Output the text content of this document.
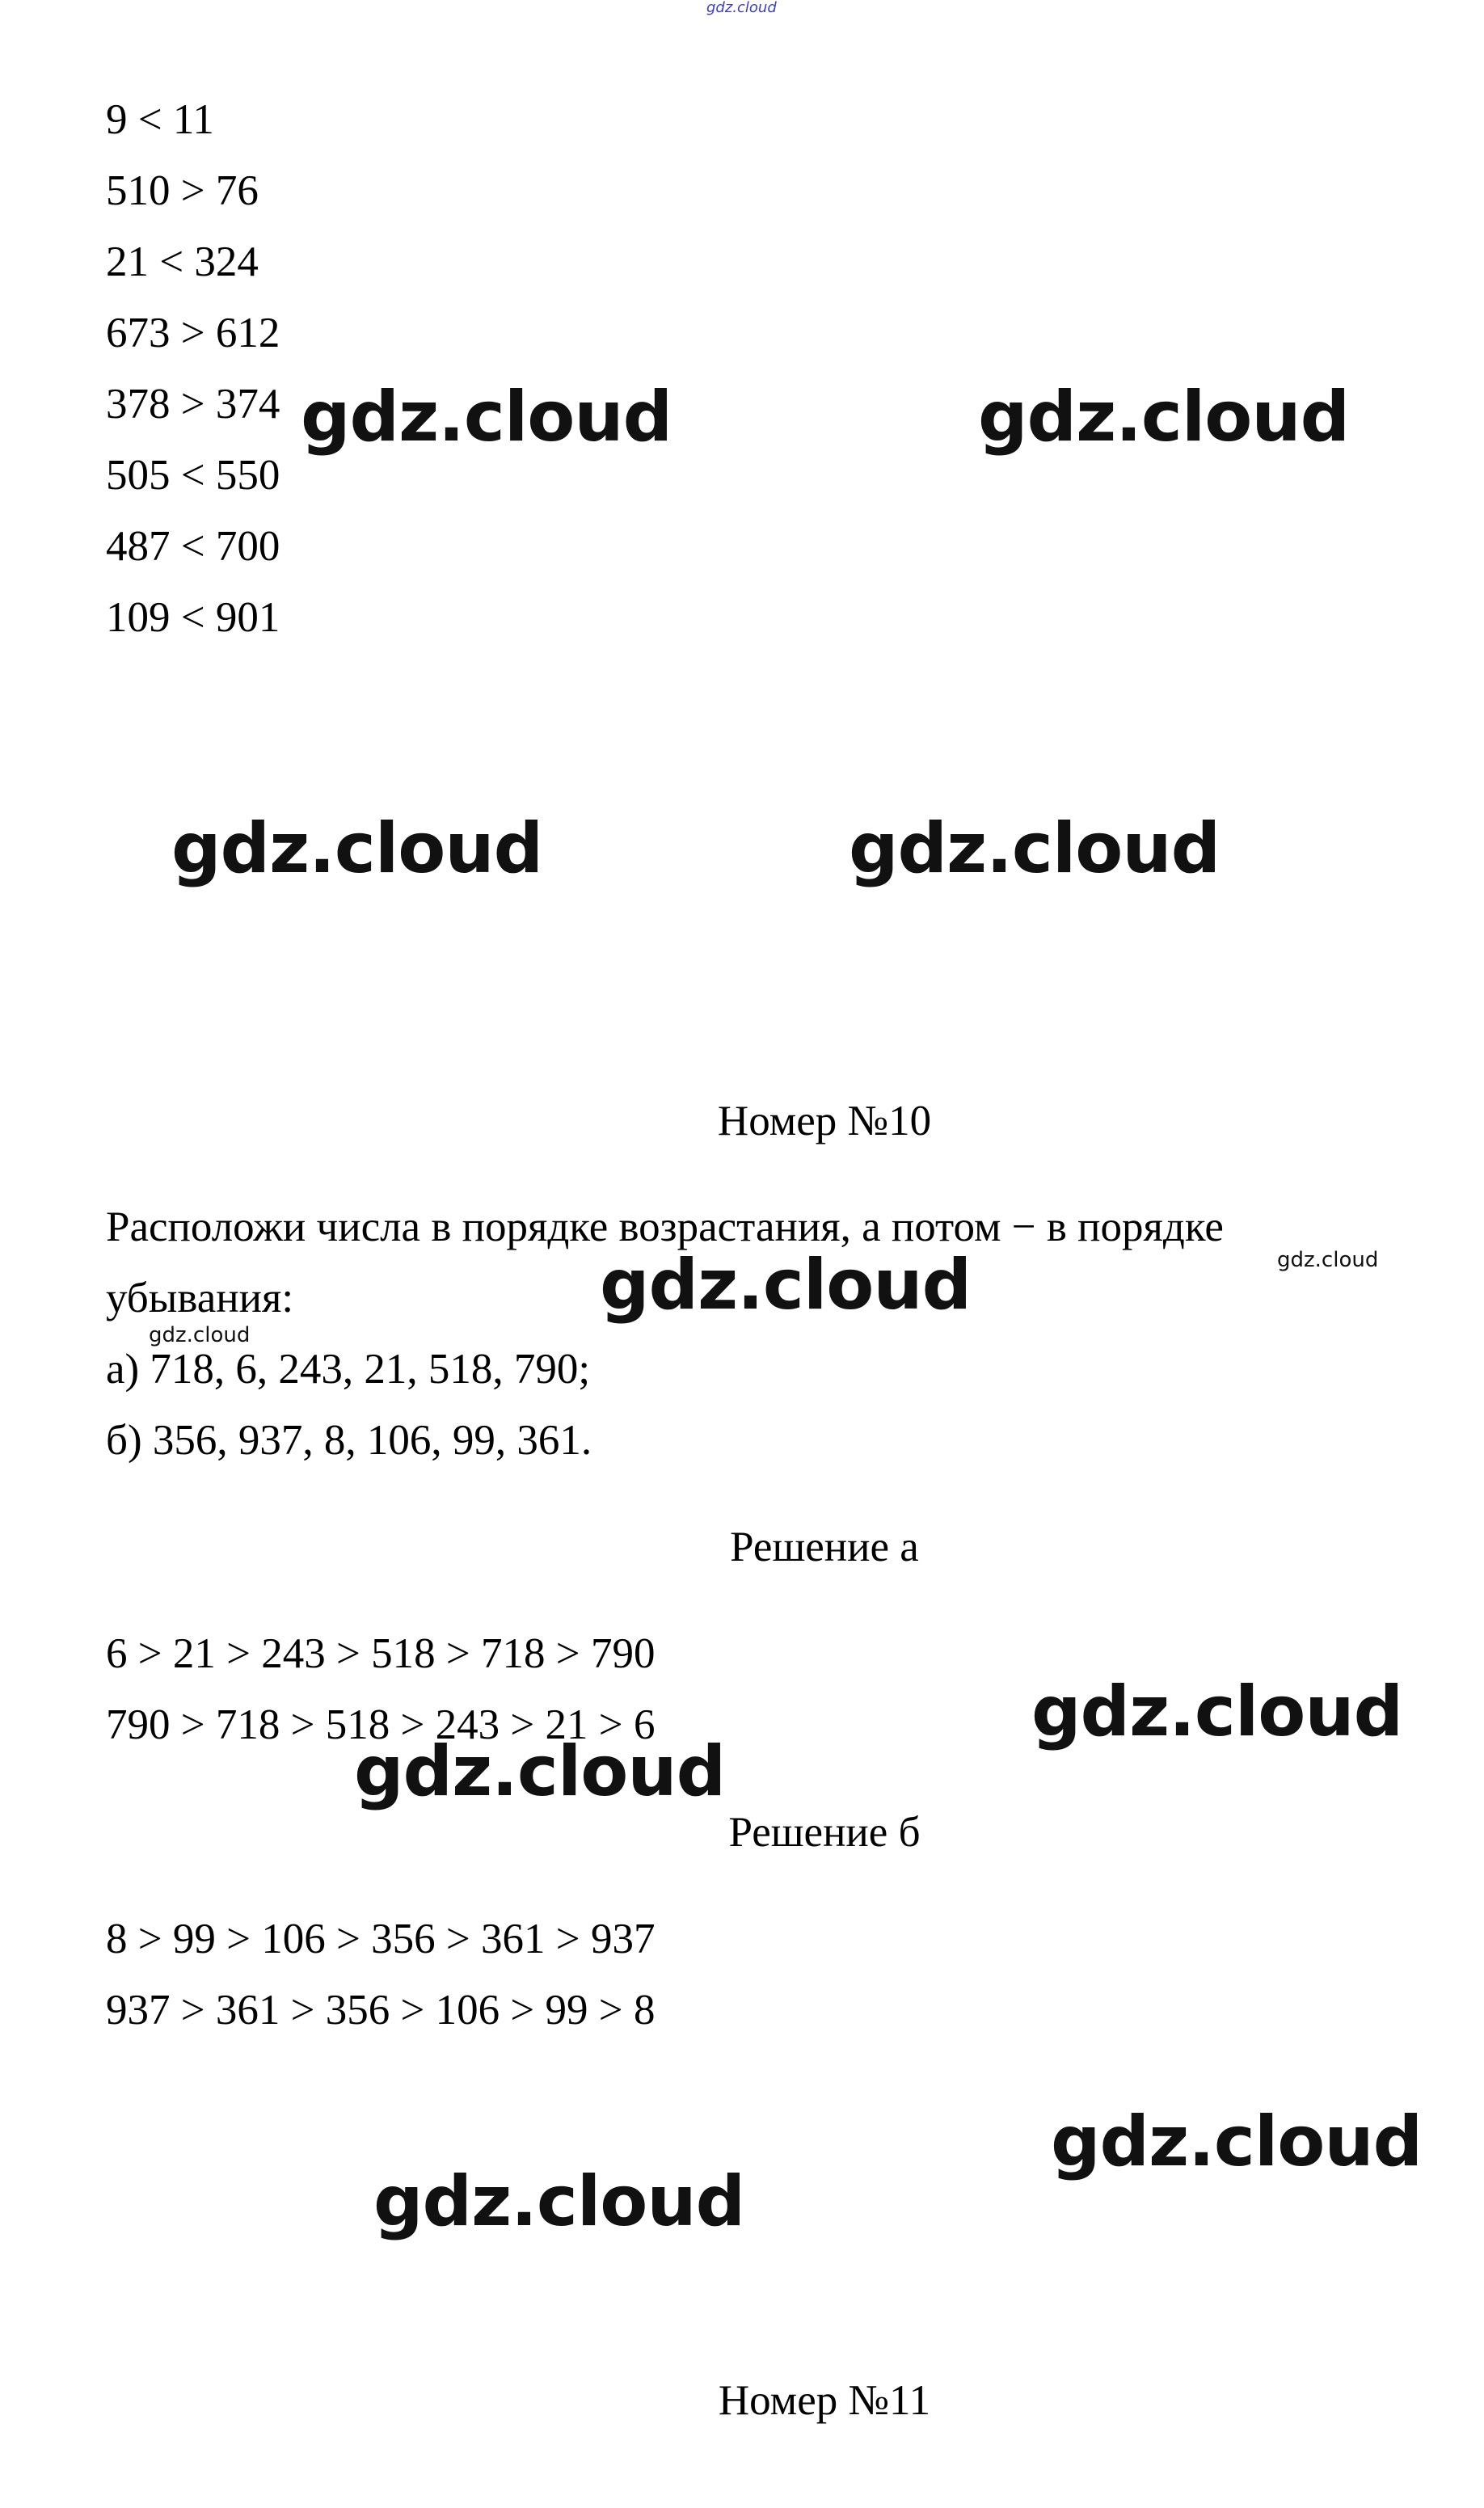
gdz.cloud
9 < 11
510 > 76
21 < 324
673 > 612
378 > 374
505 < 550
487 < 700
109 < 901
gdz.cloud	gdz.cloud
gdz.cloud	gdz.cloud
Номер №10
Расположи числа в порядке возрастания, а потом − в порядке
gdz.cloud
убывания:	gdz.cloud
gdz.cloud
а) 718, 6, 243, 21, 518, 790;
б) 356, 937, 8, 106, 99, 361.
Решение а
6 > 21 > 243 > 518 > 718 > 790
790 > 718 > 518 > 243 > 21 > 6	gdz.cloud
gdz.cloud
Решение б
8 > 99 > 106 > 356 > 361 > 937
937 > 361 > 356 > 106 > 99 > 8
gdz.cloud
gdz.cloud
Номер №11
